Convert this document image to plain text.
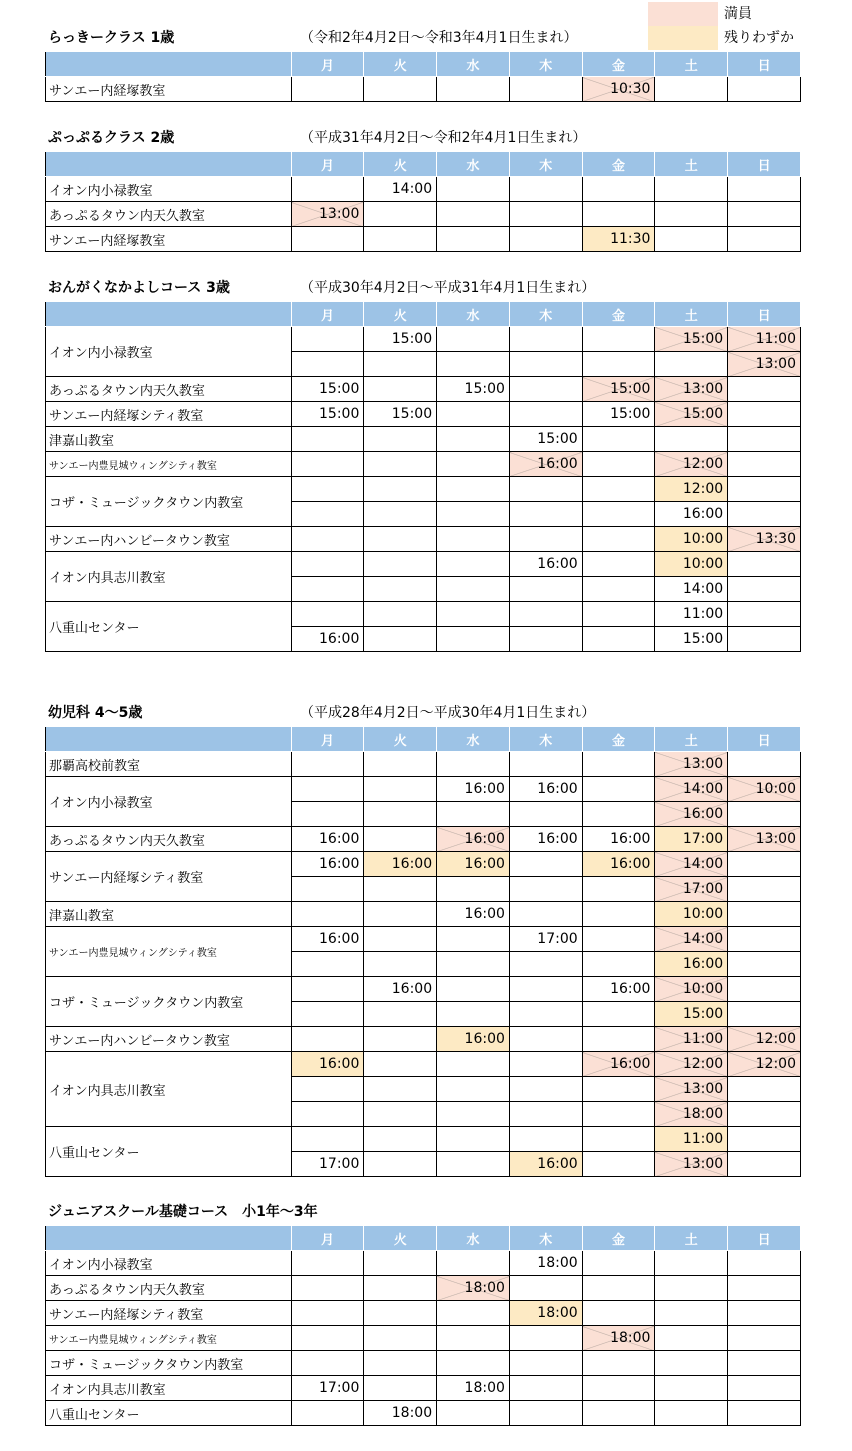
満員
残りわずか
らっきークラス 1歳	（令和2年4月2日～令和3年4月1日生まれ）
	月	火	水	木	金	土	日
サンエー内経塚教室					10:30		
ぷっぷるクラス 2歳	（平成31年4月2日～令和2年4月1日生まれ）
	月	火	水	木	金	土	日
イオン内小禄教室		14:00					
あっぷるタウン内天久教室	13:00						
サンエー内経塚教室					11:30		
おんがくなかよしコース 3歳	（平成30年4月2日～平成31年4月1日生まれ）
	月	火	水	木	金	土	日
イオン内小禄教室		15:00				15:00	11:00
							13:00
あっぷるタウン内天久教室	15:00		15:00		15:00	13:00	
サンエー内経塚シティ教室	15:00	15:00			15:00	15:00	
津嘉山教室				15:00			
サンエー内豊見城ウィングシティ教室				16:00		12:00	
コザ・ミュージックタウン内教室						12:00	
						16:00	
サンエー内ハンビータウン教室						10:00	13:30
イオン内具志川教室				16:00		10:00	
						14:00	
八重山センター						11:00	
	16:00					15:00	
幼児科 4～5歳	（平成28年4月2日～平成30年4月1日生まれ）
	月	火	水	木	金	土	日
那覇高校前教室						13:00	
イオン内小禄教室			16:00	16:00		14:00	10:00
						16:00	
あっぷるタウン内天久教室	16:00		16:00	16:00	16:00	17:00	13:00
サンエー内経塚シティ教室	16:00	16:00	16:00		16:00	14:00	
						17:00	
津嘉山教室			16:00			10:00	
サンエー内豊見城ウィングシティ教室	16:00			17:00		14:00	
						16:00	
コザ・ミュージックタウン内教室		16:00			16:00	10:00	
						15:00	
サンエー内ハンビータウン教室			16:00			11:00	12:00
イオン内具志川教室	16:00				16:00	12:00	12:00
						13:00	
						18:00	
八重山センター						11:00	
	17:00			16:00		13:00	
ジュニアスクール基礎コース　小1年～3年
	月	火	水	木	金	土	日
イオン内小禄教室				18:00			
あっぷるタウン内天久教室			18:00				
サンエー内経塚シティ教室				18:00			
サンエー内豊見城ウィングシティ教室					18:00		
コザ・ミュージックタウン内教室							
イオン内具志川教室	17:00		18:00				
八重山センター		18:00					
